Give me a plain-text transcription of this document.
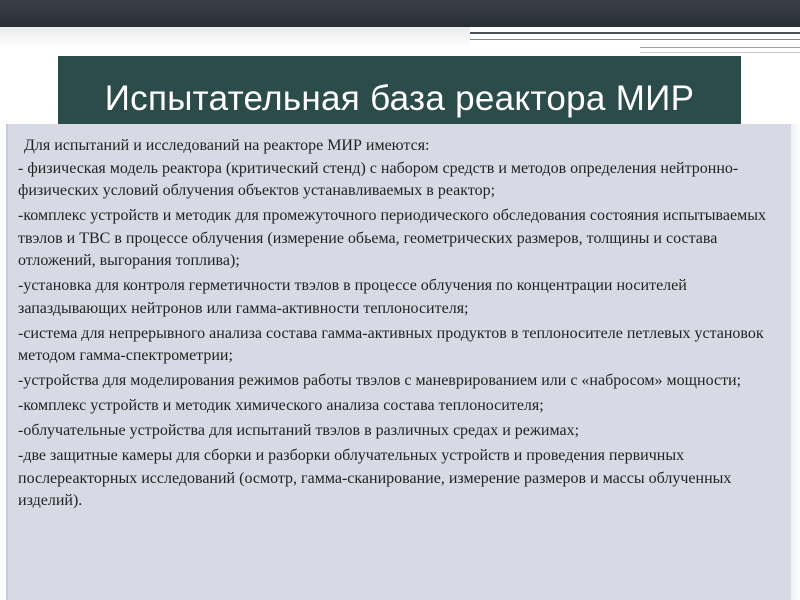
Испытательная база реактора МИР

Для испытаний и исследований на реакторе МИР имеются:

- физическая модель реактора (критический стенд) с набором средств и методов определения нейтронно-физических условий облучения объектов устанавливаемых в реактор;

-комплекс устройств и методик для промежуточного периодического обследования состояния испытываемых твэлов и ТВС в процессе облучения (измерение обьема, геометрических размеров, толщины и состава отложений, выгорания топлива);

-установка для контроля герметичности твэлов в процессе облучения по концентрации носителей запаздывающих нейтронов или гамма-активности теплоносителя;

-система для непрерывного анализа состава гамма-активных продуктов в теплоносителе петлевых установок методом гамма-спектрометрии;

-устройства для моделирования режимов работы твэлов с маневрированием или с «набросом» мощности;

-комплекс устройств и методик химического анализа состава теплоносителя;

-облучательные устройства для испытаний твэлов в различных средах и режимах;

-две защитные камеры для сборки и разборки облучательных устройств и проведения первичных послереакторных исследований (осмотр, гамма-сканирование, измерение размеров и массы облученных изделий).
